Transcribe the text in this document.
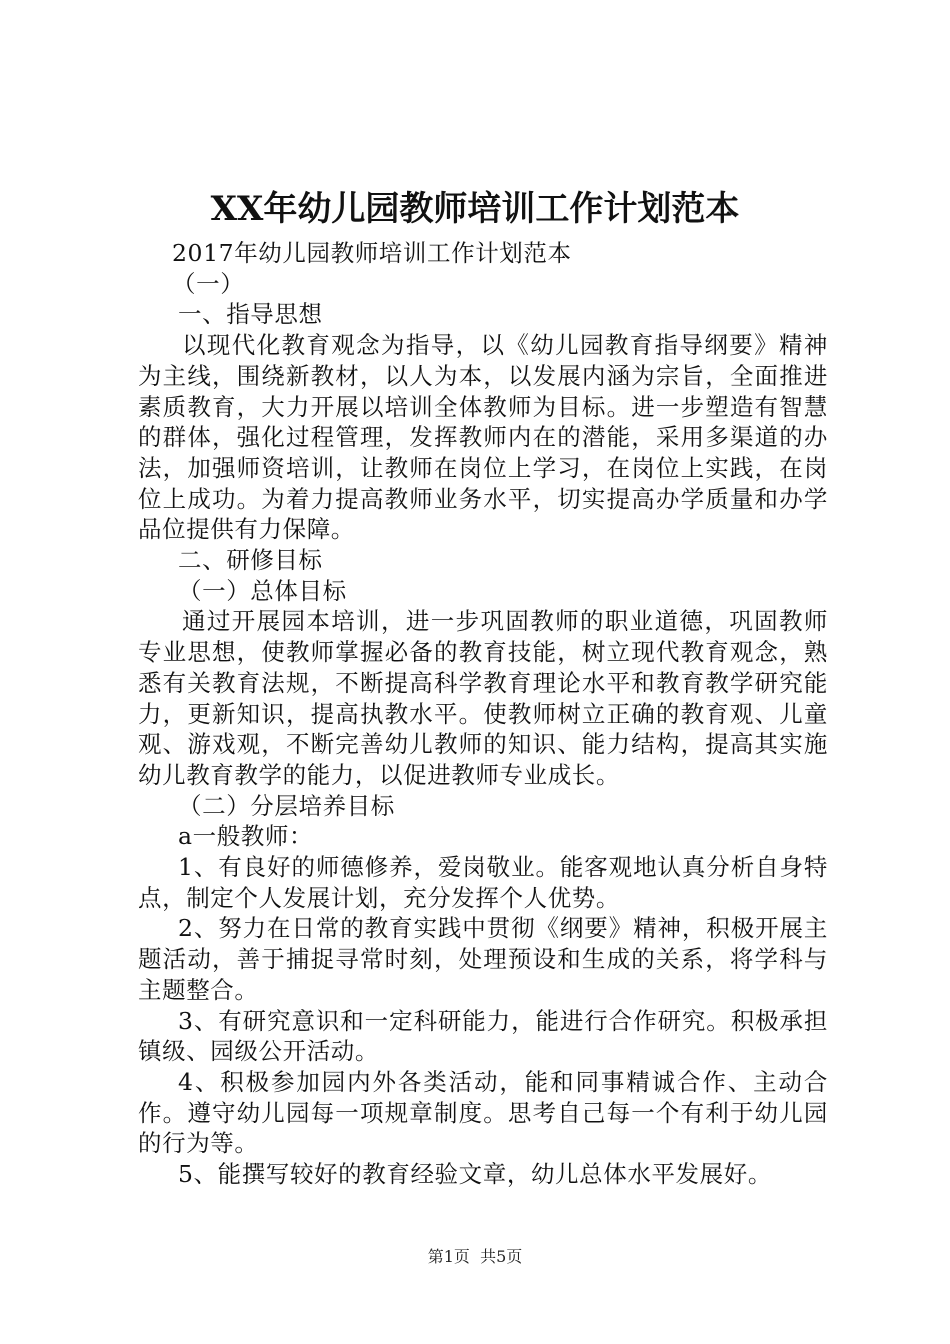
XX年幼儿园教师培训工作计划范本

2017年幼儿园教师培训工作计划范本

（一）

一、指导思想

以现代化教育观念为指导，以《幼儿园教育指导纲要》精神为主线，围绕新教材，以人为本，以发展内涵为宗旨，全面推进素质教育，大力开展以培训全体教师为目标。进一步塑造有智慧的群体，强化过程管理，发挥教师内在的潜能，采用多渠道的办法，加强师资培训，让教师在岗位上学习，在岗位上实践，在岗位上成功。为着力提高教师业务水平，切实提高办学质量和办学品位提供有力保障。

二、研修目标

（一）总体目标

通过开展园本培训，进一步巩固教师的职业道德，巩固教师专业思想，使教师掌握必备的教育技能，树立现代教育观念，熟悉有关教育法规，不断提高科学教育理论水平和教育教学研究能力，更新知识，提高执教水平。使教师树立正确的教育观、儿童观、游戏观，不断完善幼儿教师的知识、能力结构，提高其实施幼儿教育教学的能力，以促进教师专业成长。

（二）分层培养目标

a一般教师：

1、有良好的师德修养，爱岗敬业。能客观地认真分析自身特点，制定个人发展计划，充分发挥个人优势。

2、努力在日常的教育实践中贯彻《纲要》精神，积极开展主题活动，善于捕捉寻常时刻，处理预设和生成的关系，将学科与主题整合。

3、有研究意识和一定科研能力，能进行合作研究。积极承担镇级、园级公开活动。

4、积极参加园内外各类活动，能和同事精诚合作、主动合作。遵守幼儿园每一项规章制度。思考自己每一个有利于幼儿园的行为等。

5、能撰写较好的教育经验文章，幼儿总体水平发展好。

第1页 共5页
